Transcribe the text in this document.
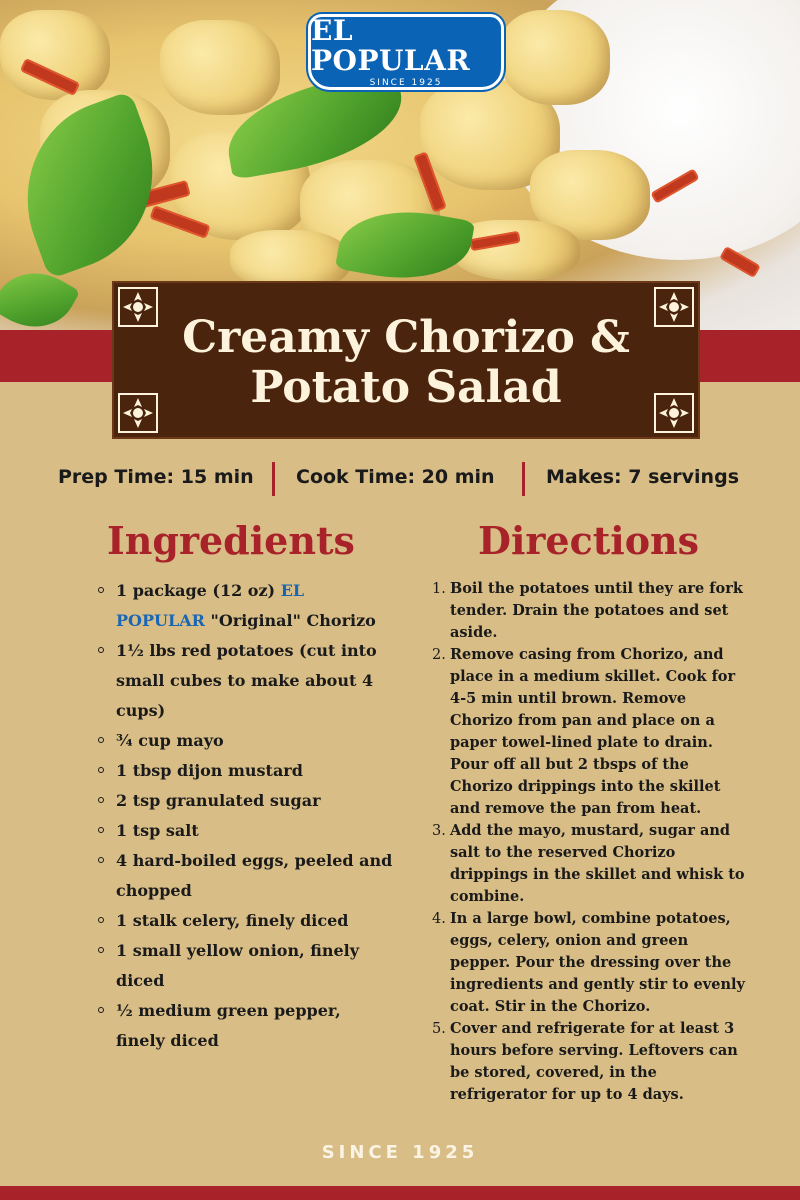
EL POPULAR
SINCE 1925
Creamy Chorizo &
Potato Salad
Prep Time: 15 min Cook Time: 20 min	Makes: 7 servings
Ingredients	Directions
1 package (12 oz) EL POPULAR "Original" Chorizo
1½ lbs red potatoes (cut into small cubes to make about 4 cups)
¾ cup mayo
1 tbsp dijon mustard
2 tsp granulated sugar
1 tsp salt
4 hard-boiled eggs, peeled and chopped
1 stalk celery, finely diced
1 small yellow onion, finely diced
½ medium green pepper, finely diced
1. Boil the potatoes until they are fork tender. Drain the potatoes and set aside.
2. Remove casing from Chorizo, and place in a medium skillet. Cook for 4-5 min until brown. Remove Chorizo from pan and place on a paper towel-lined plate to drain. Pour off all but 2 tbsps of the Chorizo drippings into the skillet and remove the pan from heat.
3. Add the mayo, mustard, sugar and salt to the reserved Chorizo drippings in the skillet and whisk to combine.
4. In a large bowl, combine potatoes, eggs, celery, onion and green pepper. Pour the dressing over the ingredients and gently stir to evenly coat. Stir in the Chorizo.
5. Cover and refrigerate for at least 3 hours before serving. Leftovers can be stored, covered, in the refrigerator for up to 4 days.
SINCE 1925
